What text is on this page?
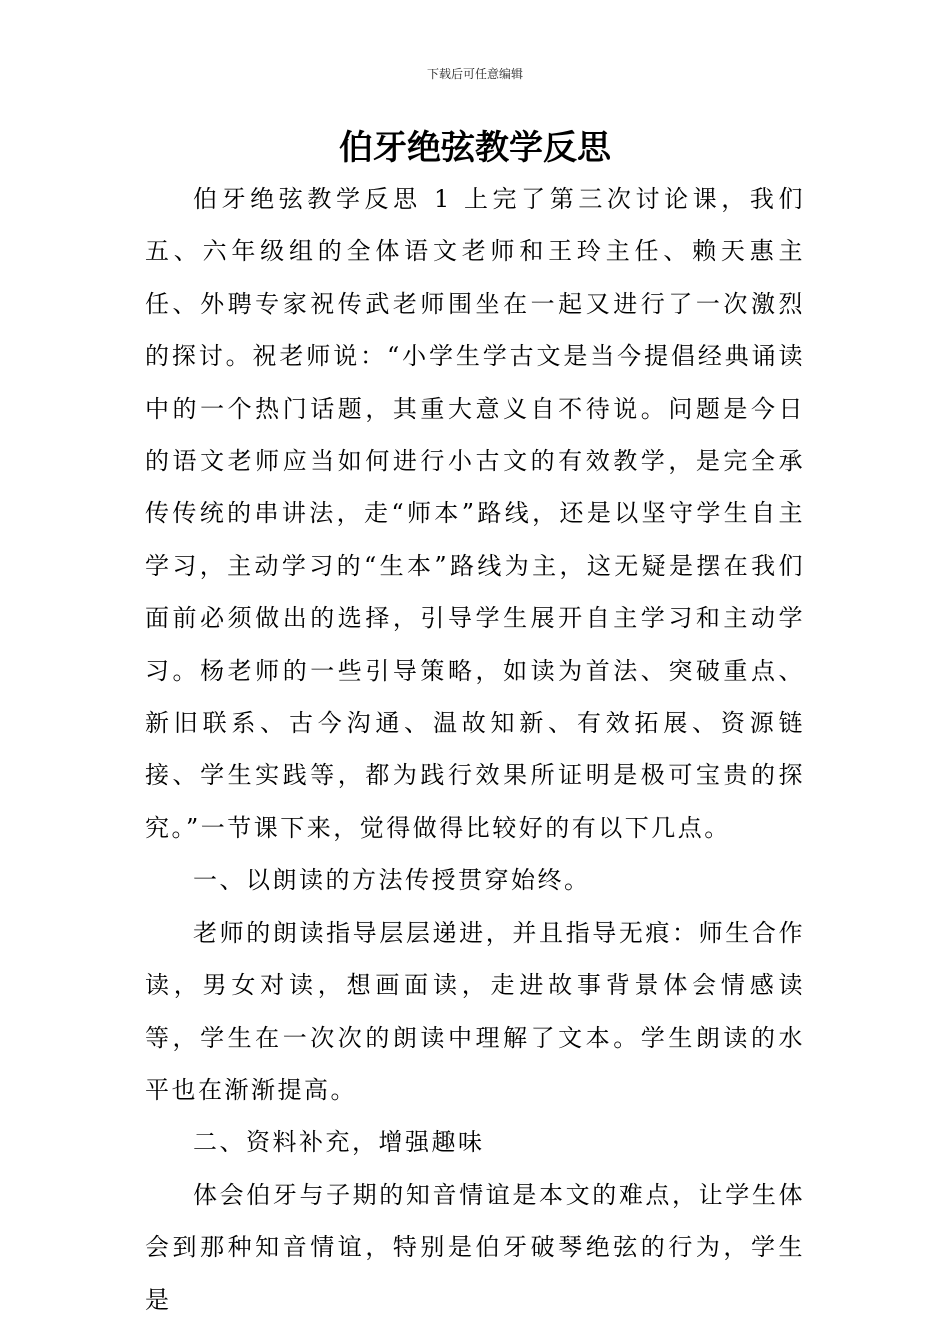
下载后可任意编辑
伯牙绝弦教学反思

伯牙绝弦教学反思 1 上完了第三次讨论课，我们五、六年级组的全体语文老师和王玲主任、赖天惠主任、外聘专家祝传武老师围坐在一起又进行了一次激烈的探讨。祝老师说：“小学生学古文是当今提倡经典诵读中的一个热门话题，其重大意义自不待说。问题是今日的语文老师应当如何进行小古文的有效教学，是完全承传传统的串讲法，走“师本”路线，还是以坚守学生自主学习，主动学习的“生本”路线为主，这无疑是摆在我们面前必须做出的选择，引导学生展开自主学习和主动学习。杨老师的一些引导策略，如读为首法、突破重点、新旧联系、古今沟通、温故知新、有效拓展、资源链接、学生实践等，都为践行效果所证明是极可宝贵的探究。”一节课下来，觉得做得比较好的有以下几点。

一、以朗读的方法传授贯穿始终。

老师的朗读指导层层递进，并且指导无痕：师生合作读，男女对读，想画面读，走进故事背景体会情感读等，学生在一次次的朗读中理解了文本。学生朗读的水平也在渐渐提高。

二、资料补充，增强趣味

体会伯牙与子期的知音情谊是本文的难点，让学生体会到那种知音情谊，特别是伯牙破琴绝弦的行为，学生是
